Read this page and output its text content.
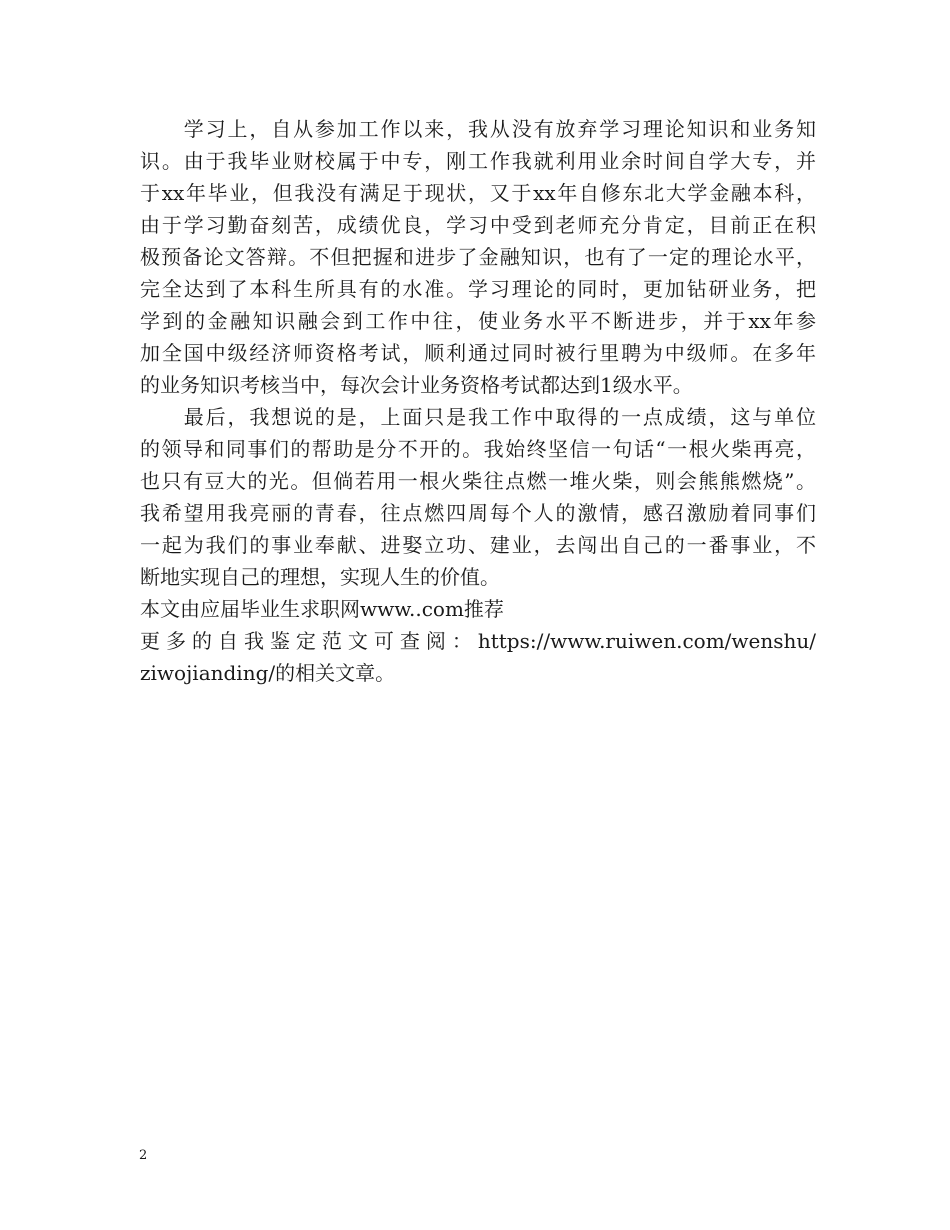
　　学习上，自从参加工作以来，我从没有放弃学习理论知识和业务知
识。由于我毕业财校属于中专，刚工作我就利用业余时间自学大专，并
于xx年毕业，但我没有满足于现状，又于xx年自修东北大学金融本科，
由于学习勤奋刻苦，成绩优良，学习中受到老师充分肯定，目前正在积
极预备论文答辩。不但把握和进步了金融知识，也有了一定的理论水平，
完全达到了本科生所具有的水准。学习理论的同时，更加钻研业务，把
学到的金融知识融会到工作中往，使业务水平不断进步，并于xx年参
加全国中级经济师资格考试，顺利通过同时被行里聘为中级师。在多年
的业务知识考核当中，每次会计业务资格考试都达到1级水平。
　　最后，我想说的是，上面只是我工作中取得的一点成绩，这与单位
的领导和同事们的帮助是分不开的。我始终坚信一句话“一根火柴再亮，
也只有豆大的光。但倘若用一根火柴往点燃一堆火柴，则会熊熊燃烧”。
我希望用我亮丽的青春，往点燃四周每个人的激情，感召激励着同事们
一起为我们的事业奉献、进娶立功、建业，去闯出自己的一番事业，不
断地实现自己的理想，实现人生的价值。
本文由应届毕业生求职网www..com推荐
更多的自我鉴定范文可查阅：https://www.ruiwen.com/wenshu/
ziwojianding/的相关文章。
2
